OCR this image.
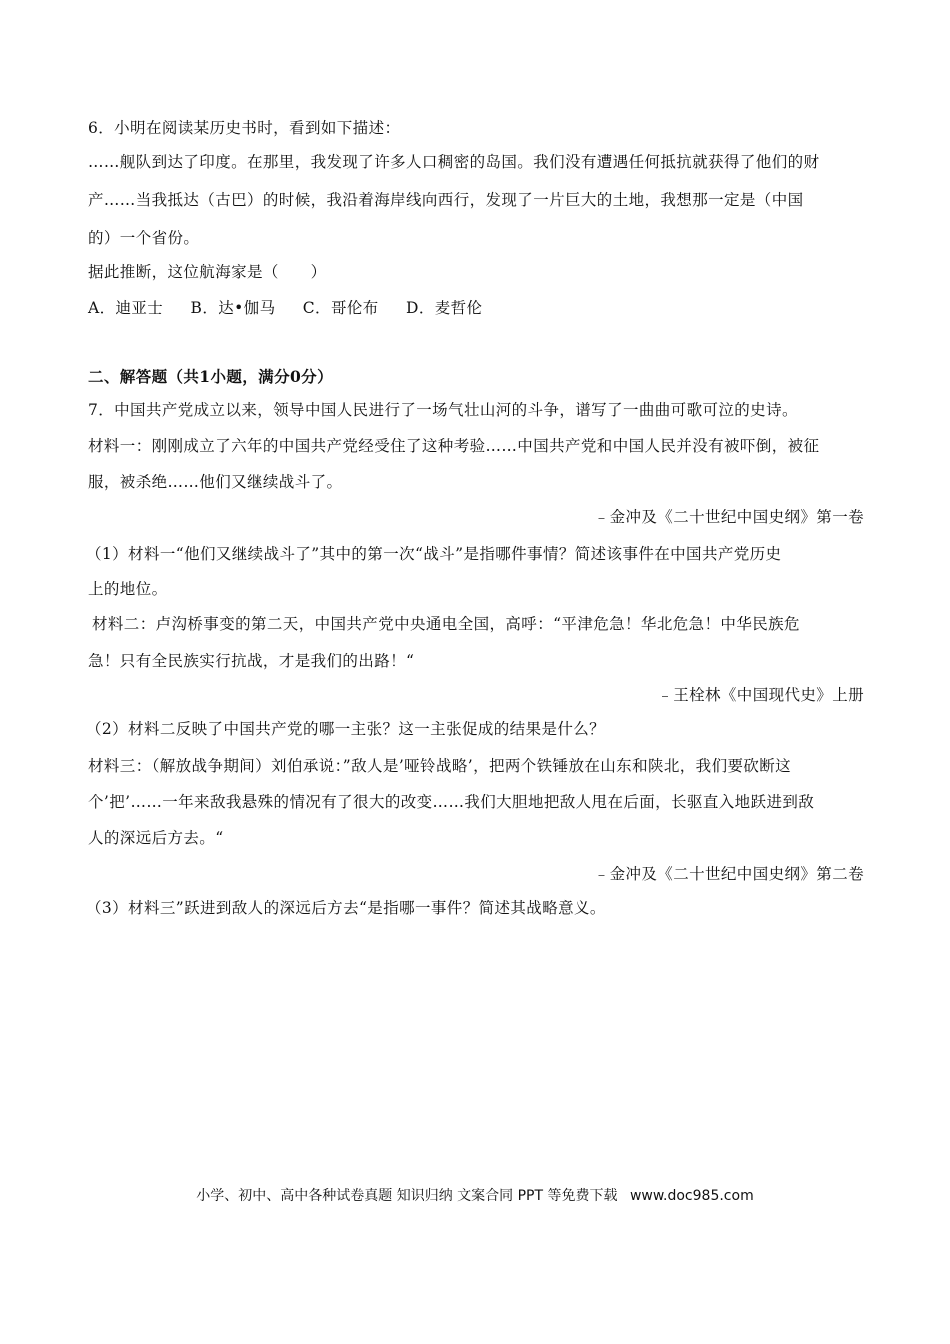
6．小明在阅读某历史书时，看到如下描述：
……舰队到达了印度。在那里，我发现了许多人口稠密的岛国。我们没有遭遇任何抵抗就获得了他们的财
产……当我抵达（古巴）的时候，我沿着海岸线向西行，发现了一片巨大的土地，我想那一定是（中国
的）一个省份。
据此推断，这位航海家是（　　）
A．迪亚士 B．达•伽马 C．哥伦布 D．麦哲伦
二、解答题（共1小题，满分0分）
7．中国共产党成立以来，领导中国人民进行了一场气壮山河的斗争，谱写了一曲曲可歌可泣的史诗。
材料一：刚刚成立了六年的中国共产党经受住了这种考验……中国共产党和中国人民并没有被吓倒，被征
服，被杀绝……他们又继续战斗了。
﹣金冲及《二十世纪中国史纲》第一卷
（1）材料一“他们又继续战斗了”其中的第一次“战斗”是指哪件事情？简述该事件在中国共产党历史
上的地位。
材料二：卢沟桥事变的第二天，中国共产党中央通电全国，高呼：“平津危急！华北危急！中华民族危
急！只有全民族实行抗战，才是我们的出路！“
﹣王栓林《中国现代史》上册
（2）材料二反映了中国共产党的哪一主张？这一主张促成的结果是什么？
材料三：（解放战争期间）刘伯承说：”敌人是’哑铃战略’，把两个铁锤放在山东和陕北，我们要砍断这
个’把’……一年来敌我悬殊的情况有了很大的改变……我们大胆地把敌人甩在后面，长驱直入地跃进到敌
人的深远后方去。“
﹣金冲及《二十世纪中国史纲》第二卷
（3）材料三”跃进到敌人的深远后方去“是指哪一事件？简述其战略意义。
小学、初中、高中各种试卷真题 知识归纳 文案合同 PPT 等免费下载 www.doc985.com
